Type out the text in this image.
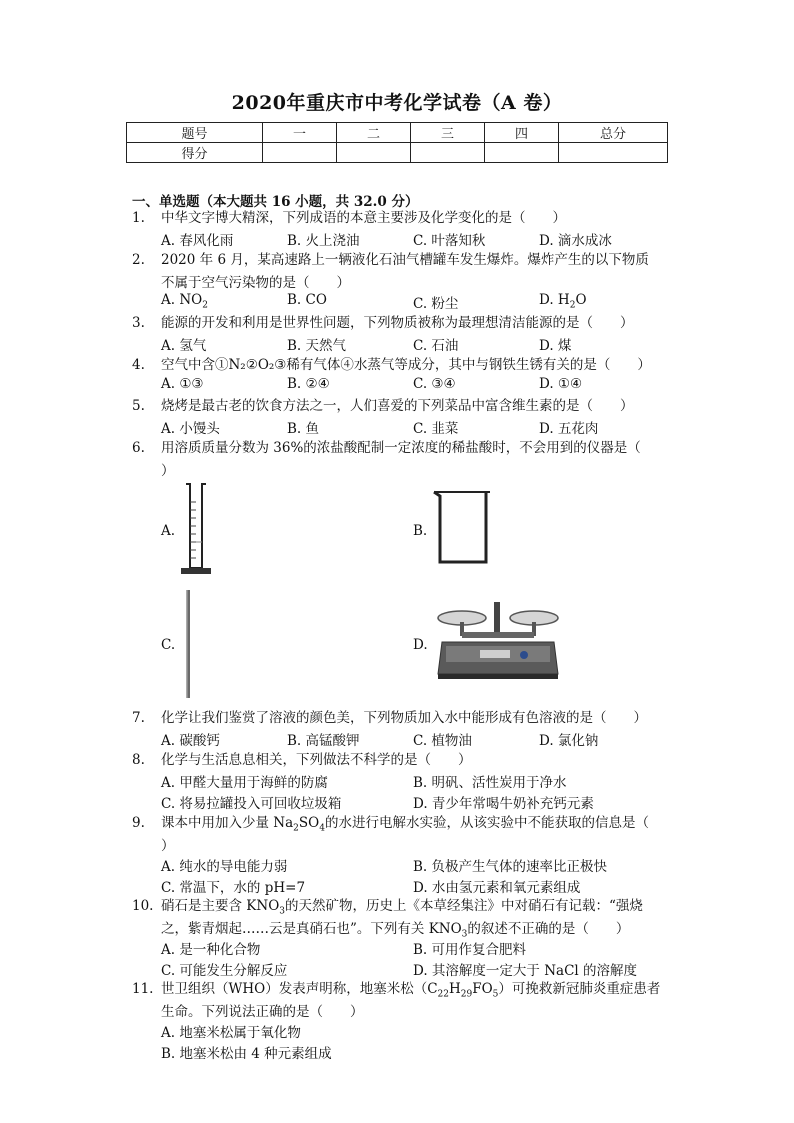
2020年重庆市中考化学试卷（A 卷）
题号	一	二	三	四	总分
得分					
一、单选题（本大题共 16 小题，共 32.0 分）
1.	中华文字博大精深，下列成语的本意主要涉及化学变化的是（　　）
A. 春风化雨	B. 火上浇油	C. 叶落知秋	D. 滴水成冰
2.	2020 年 6 月，某高速路上一辆液化石油气槽罐车发生爆炸。爆炸产生的以下物质
不属于空气污染物的是（　　）
A. $NO_2$	B. CO	C. 粉尘	D. $H_2O$
3.	能源的开发和利用是世界性问题，下列物质被称为最理想清洁能源的是（　　）
A. 氢气	B. 天然气	C. 石油	D. 煤
4.	空气中含①N₂②O₂③稀有气体④水蒸气等成分，其中与钢铁生锈有关的是（　　）
A. ①③	B. ②④	C. ③④	D. ①④
5.	烧烤是最古老的饮食方法之一，人们喜爱的下列菜品中富含维生素的是（　　）
A. 小馒头	B. 鱼	C. 韭菜	D. 五花肉
6.	用溶质质量分数为 36%的浓盐酸配制一定浓度的稀盐酸时，不会用到的仪器是（
）
A.	B.
C.	D.
7.	化学让我们鉴赏了溶液的颜色美，下列物质加入水中能形成有色溶液的是（　　）
A. 碳酸钙	B. 高锰酸钾	C. 植物油	D. 氯化钠
8.	化学与生活息息相关，下列做法不科学的是（　　）
A. 甲醛大量用于海鲜的防腐	B. 明矾、活性炭用于净水
C. 将易拉罐投入可回收垃圾箱	D. 青少年常喝牛奶补充钙元素
9.	课本中用加入少量 $Na_2SO_4$的水进行电解水实验，从该实验中不能获取的信息是（
）
A. 纯水的导电能力弱	B. 负极产生气体的速率比正极快
C. 常温下，水的 pH=7	D. 水由氢元素和氧元素组成
10. 硝石是主要含 $KNO_3$的天然矿物，历史上《本草经集注》中对硝石有记载：“强烧
之，紫青烟起……云是真硝石也”。下列有关 $KNO_3$的叙述不正确的是（　　）
A. 是一种化合物	B. 可用作复合肥料
C. 可能发生分解反应	D. 其溶解度一定大于 NaCl 的溶解度
11. 世卫组织（WHO）发表声明称，地塞米松$(C_{22}H_{29}FO_5)$可挽救新冠肺炎重症患者
生命。下列说法正确的是（　　）
A. 地塞米松属于氧化物
B. 地塞米松由 4 种元素组成
